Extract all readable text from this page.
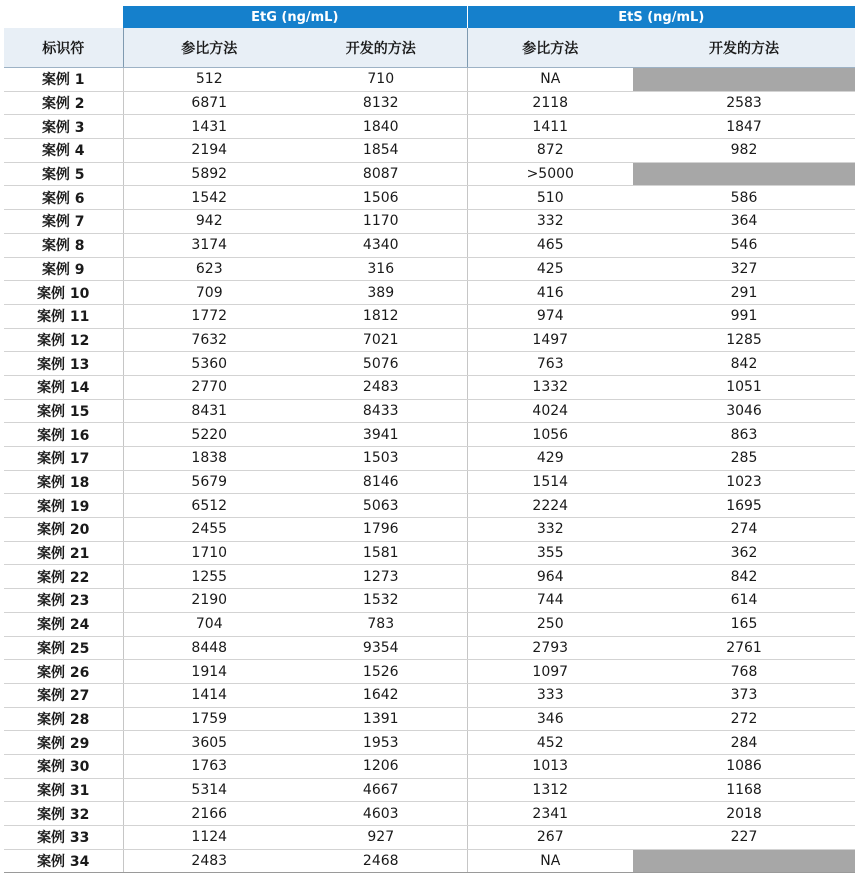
	EtG (ng/mL)		EtS (ng/mL)	
标识符	参比方法	开发的方法	参比方法	开发的方法
案例 1	512	710	NA	
案例 2	6871	8132	2118	2583
案例 3	1431	1840	1411	1847
案例 4	2194	1854	872	982
案例 5	5892	8087	>5000	
案例 6	1542	1506	510	586
案例 7	942	1170	332	364
案例 8	3174	4340	465	546
案例 9	623	316	425	327
案例 10	709	389	416	291
案例 11	1772	1812	974	991
案例 12	7632	7021	1497	1285
案例 13	5360	5076	763	842
案例 14	2770	2483	1332	1051
案例 15	8431	8433	4024	3046
案例 16	5220	3941	1056	863
案例 17	1838	1503	429	285
案例 18	5679	8146	1514	1023
案例 19	6512	5063	2224	1695
案例 20	2455	1796	332	274
案例 21	1710	1581	355	362
案例 22	1255	1273	964	842
案例 23	2190	1532	744	614
案例 24	704	783	250	165
案例 25	8448	9354	2793	2761
案例 26	1914	1526	1097	768
案例 27	1414	1642	333	373
案例 28	1759	1391	346	272
案例 29	3605	1953	452	284
案例 30	1763	1206	1013	1086
案例 31	5314	4667	1312	1168
案例 32	2166	4603	2341	2018
案例 33	1124	927	267	227
案例 34	2483	2468	NA	
